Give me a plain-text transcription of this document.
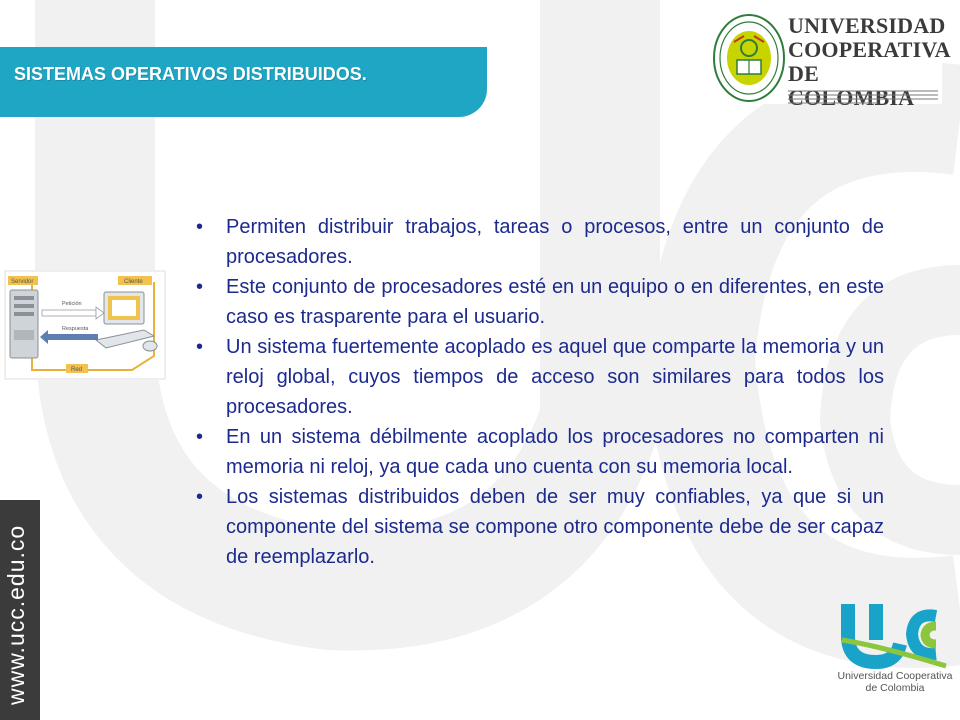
www.ucc.edu.co
SISTEMAS OPERATIVOS DISTRIBUIDOS.
UNIVERSIDAD
COOPERATIVA
DE COLOMBIA
Servidor	Cliente
Petición
Respuesta
Red
• Permiten distribuir trabajos, tareas o procesos, entre un conjunto de procesadores.
• Este conjunto de procesadores esté en un equipo o en diferentes, en este caso es trasparente para el usuario.
• Un sistema fuertemente acoplado es aquel que comparte la memoria y un reloj global, cuyos tiempos de acceso son similares para todos los procesadores.
• En un sistema débilmente acoplado los procesadores no comparten ni memoria ni reloj, ya que cada uno cuenta con su memoria local.
• Los sistemas distribuidos deben de ser muy confiables, ya que si un componente del sistema se compone otro componente debe de ser capaz de reemplazarlo.
Universidad Cooperativa
de Colombia
